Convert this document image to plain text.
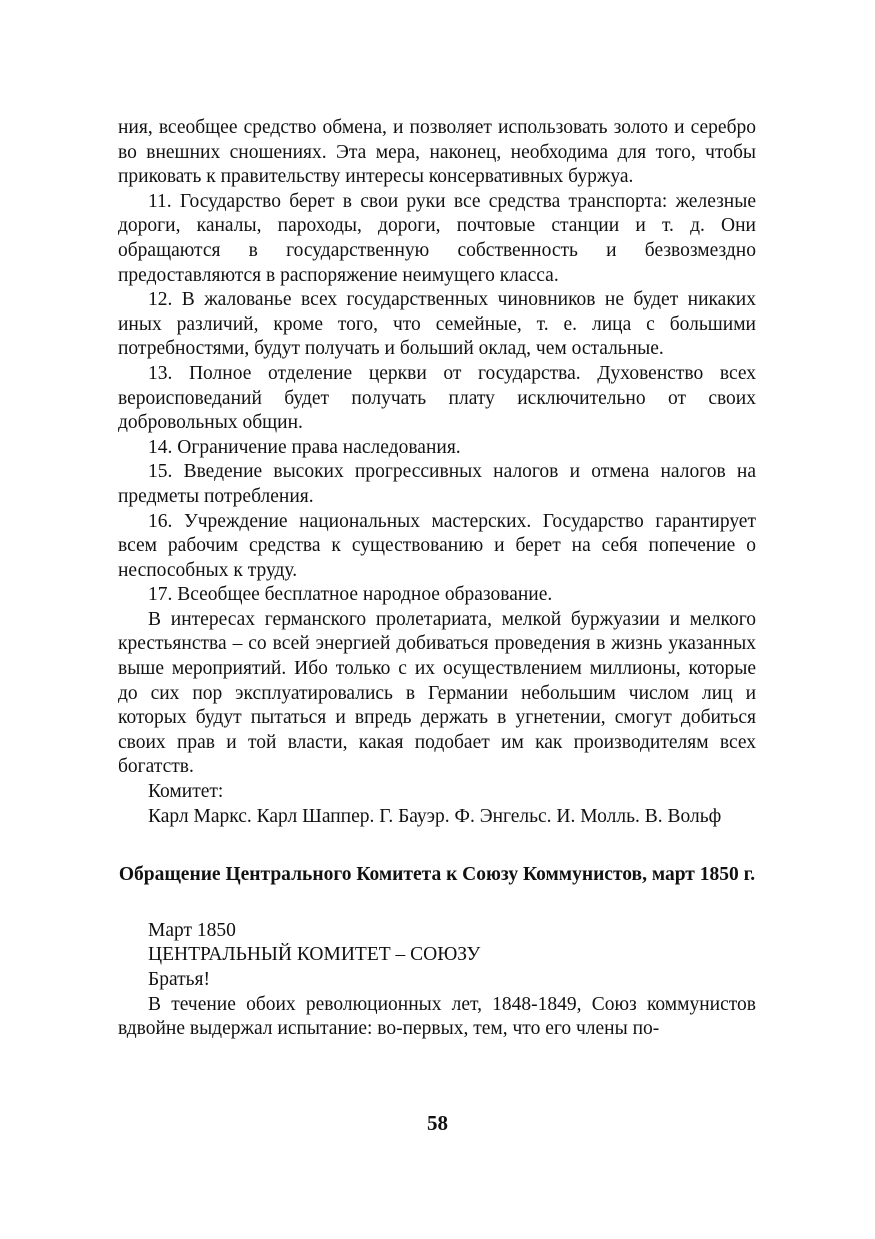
ния, всеобщее средство обмена, и позволяет использовать золото и серебро во внешних сношениях. Эта мера, наконец, необходима для того, чтобы приковать к правительству интересы консервативных буржуа.

11. Государство берет в свои руки все средства транспорта: железные дороги, каналы, пароходы, дороги, почтовые станции и т. д. Они обращаются в государственную собственность и безвозмездно предоставляются в распоряжение неимущего класса.

12. В жалованье всех государственных чиновников не будет никаких иных различий, кроме того, что семейные, т. е. лица с большими потребностями, будут получать и больший оклад, чем остальные.

13. Полное отделение церкви от государства. Духовенство всех вероисповеданий будет получать плату исключительно от своих добровольных общин.

14. Ограничение права наследования.

15. Введение высоких прогрессивных налогов и отмена налогов на предметы потребления.

16. Учреждение национальных мастерских. Государство гарантирует всем рабочим средства к существованию и берет на себя попечение о неспособных к труду.

17. Всеобщее бесплатное народное образование.

В интересах германского пролетариата, мелкой буржуазии и мелкого крестьянства – со всей энергией добиваться проведения в жизнь указанных выше мероприятий. Ибо только с их осуществлением миллионы, которые до сих пор эксплуатировались в Германии небольшим числом лиц и которых будут пытаться и впредь держать в угнетении, смогут добиться своих прав и той власти, какая подобает им как производителям всех богатств.

Комитет:

Карл Маркс. Карл Шаппер. Г. Бауэр. Ф. Энгельс. И. Молль. В. Вольф

Обращение Центрального Комитета к Союзу Коммунистов, март 1850 г.

Март 1850

ЦЕНТРАЛЬНЫЙ КОМИТЕТ – СОЮЗУ

Братья!

В течение обоих революционных лет, 1848-1849, Союз коммунистов вдвойне выдержал испытание: во-первых, тем, что его члены по-

58
